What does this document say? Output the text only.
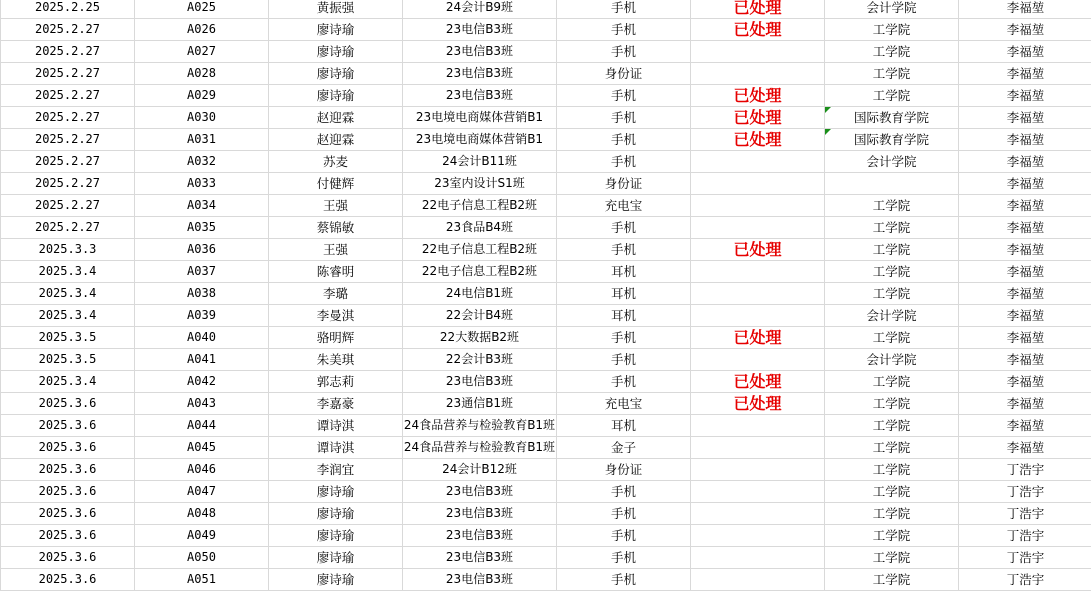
2025.2.25	A025	黄振强	24会计B9班	手机	已处理	会计学院	李福堃
2025.2.27	A026	廖诗瑜	23电信B3班	手机	已处理	工学院	李福堃
2025.2.27	A027	廖诗瑜	23电信B3班	手机		工学院	李福堃
2025.2.27	A028	廖诗瑜	23电信B3班	身份证		工学院	李福堃
2025.2.27	A029	廖诗瑜	23电信B3班	手机	已处理	工学院	李福堃
2025.2.27	A030	赵迎霖	23电境电商媒体营销B1	手机	已处理	国际教育学院	李福堃
2025.2.27	A031	赵迎霖	23电境电商媒体营销B1	手机	已处理	国际教育学院	李福堃
2025.2.27	A032	苏麦	24会计B11班	手机		会计学院	李福堃
2025.2.27	A033	付健辉	23室内设计S1班	身份证			李福堃
2025.2.27	A034	王强	22电子信息工程B2班	充电宝		工学院	李福堃
2025.2.27	A035	蔡锦敏	23食品B4班	手机		工学院	李福堃
2025.3.3	A036	王强	22电子信息工程B2班	手机	已处理	工学院	李福堃
2025.3.4	A037	陈睿明	22电子信息工程B2班	耳机		工学院	李福堃
2025.3.4	A038	李璐	24电信B1班	耳机		工学院	李福堃
2025.3.4	A039	李曼淇	22会计B4班	耳机		会计学院	李福堃
2025.3.5	A040	骆明辉	22大数据B2班	手机	已处理	工学院	李福堃
2025.3.5	A041	朱美琪	22会计B3班	手机		会计学院	李福堃
2025.3.4	A042	郭志莉	23电信B3班	手机	已处理	工学院	李福堃
2025.3.6	A043	李嘉豪	23通信B1班	充电宝	已处理	工学院	李福堃
2025.3.6	A044	谭诗淇	24食品营养与检验教育B1班	耳机		工学院	李福堃
2025.3.6	A045	谭诗淇	24食品营养与检验教育B1班	金子		工学院	李福堃
2025.3.6	A046	李润宜	24会计B12班	身份证		工学院	丁浩宇
2025.3.6	A047	廖诗瑜	23电信B3班	手机		工学院	丁浩宇
2025.3.6	A048	廖诗瑜	23电信B3班	手机		工学院	丁浩宇
2025.3.6	A049	廖诗瑜	23电信B3班	手机		工学院	丁浩宇
2025.3.6	A050	廖诗瑜	23电信B3班	手机		工学院	丁浩宇
2025.3.6	A051	廖诗瑜	23电信B3班	手机		工学院	丁浩宇
